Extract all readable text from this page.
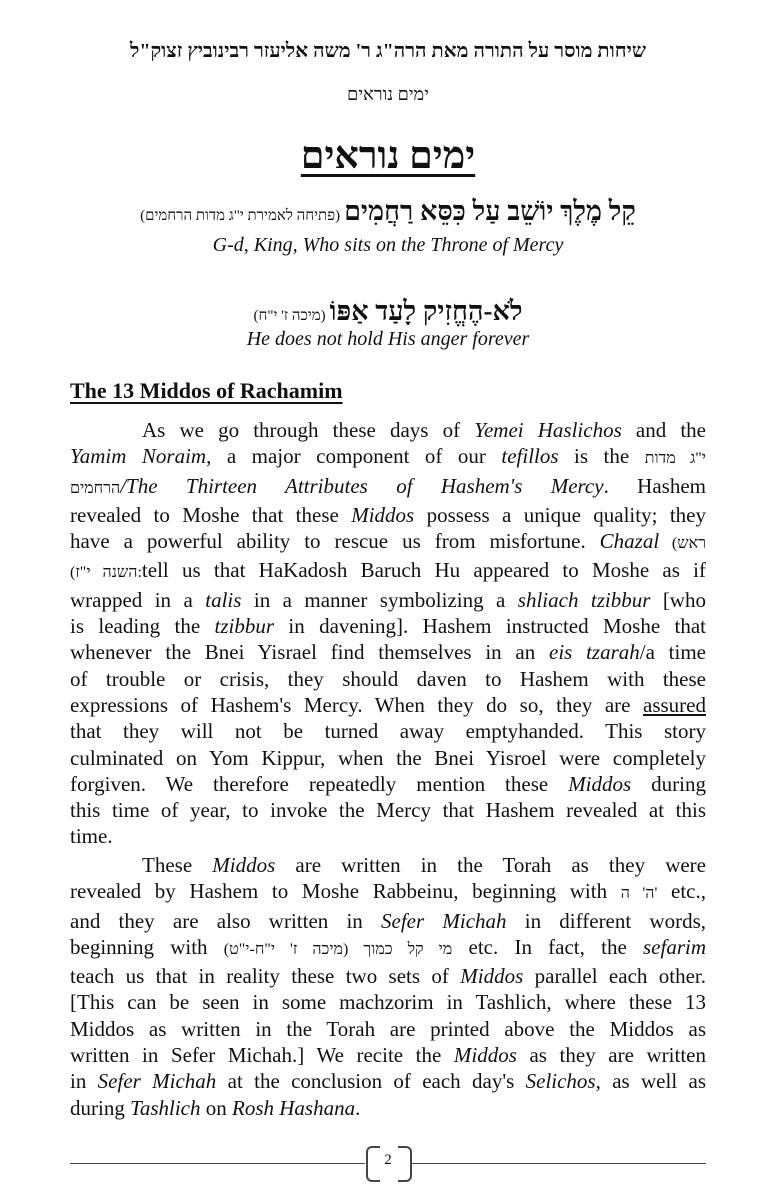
שיחות מוסר על התורה מאת הרה"ג ר' משה אליעזר רבינוביץ זצוק"ל
ימים נוראים
ימים נוראים
קֵל מֶלֶךְ יוֹשֵׁב עַל כִּסֵּא רַחֲמִים (פתיחה לאמירת י"ג מדות הרחמים)
G-d, King, Who sits on the Throne of Mercy
לֹא-הֶחֱזִיק לָעַד אַפּוֹ (מיכה ז' י"ח)
He does not hold His anger forever
The 13 Middos of Rachamim
As we go through these days of Yemei Haslichos and the
Yamim Noraim, a major component of our tefillos is the י"ג מדות
הרחמים/The Thirteen Attributes of Hashem's Mercy. Hashem
revealed to Moshe that these Middos possess a unique quality; they
have a powerful ability to rescue us from misfortune. Chazal (ראש
(השנה י"ז:tell us that HaKadosh Baruch Hu appeared to Moshe as if
wrapped in a talis in a manner symbolizing a shliach tzibbur [who
is leading the tzibbur in davening]. Hashem instructed Moshe that
whenever the Bnei Yisrael find themselves in an eis tzarah/a time
of trouble or crisis, they should daven to Hashem with these
expressions of Hashem's Mercy. When they do so, they are assured
that they will not be turned away emptyhanded. This story
culminated on Yom Kippur, when the Bnei Yisroel were completely
forgiven. We therefore repeatedly mention these Middos during
this time of year, to invoke the Mercy that Hashem revealed at this
time.
These Middos are written in the Torah as they were
revealed by Hashem to Moshe Rabbeinu, beginning with ה' ה' etc.,
and they are also written in Sefer Michah in different words,
beginning with מי קל כמוך (מיכה ז' י"ח-י"ט) etc. In fact, the sefarim
teach us that in reality these two sets of Middos parallel each other.
[This can be seen in some machzorim in Tashlich, where these 13
Middos as written in the Torah are printed above the Middos as
written in Sefer Michah.] We recite the Middos as they are written
in Sefer Michah at the conclusion of each day's Selichos, as well as
during Tashlich on Rosh Hashana.
2
